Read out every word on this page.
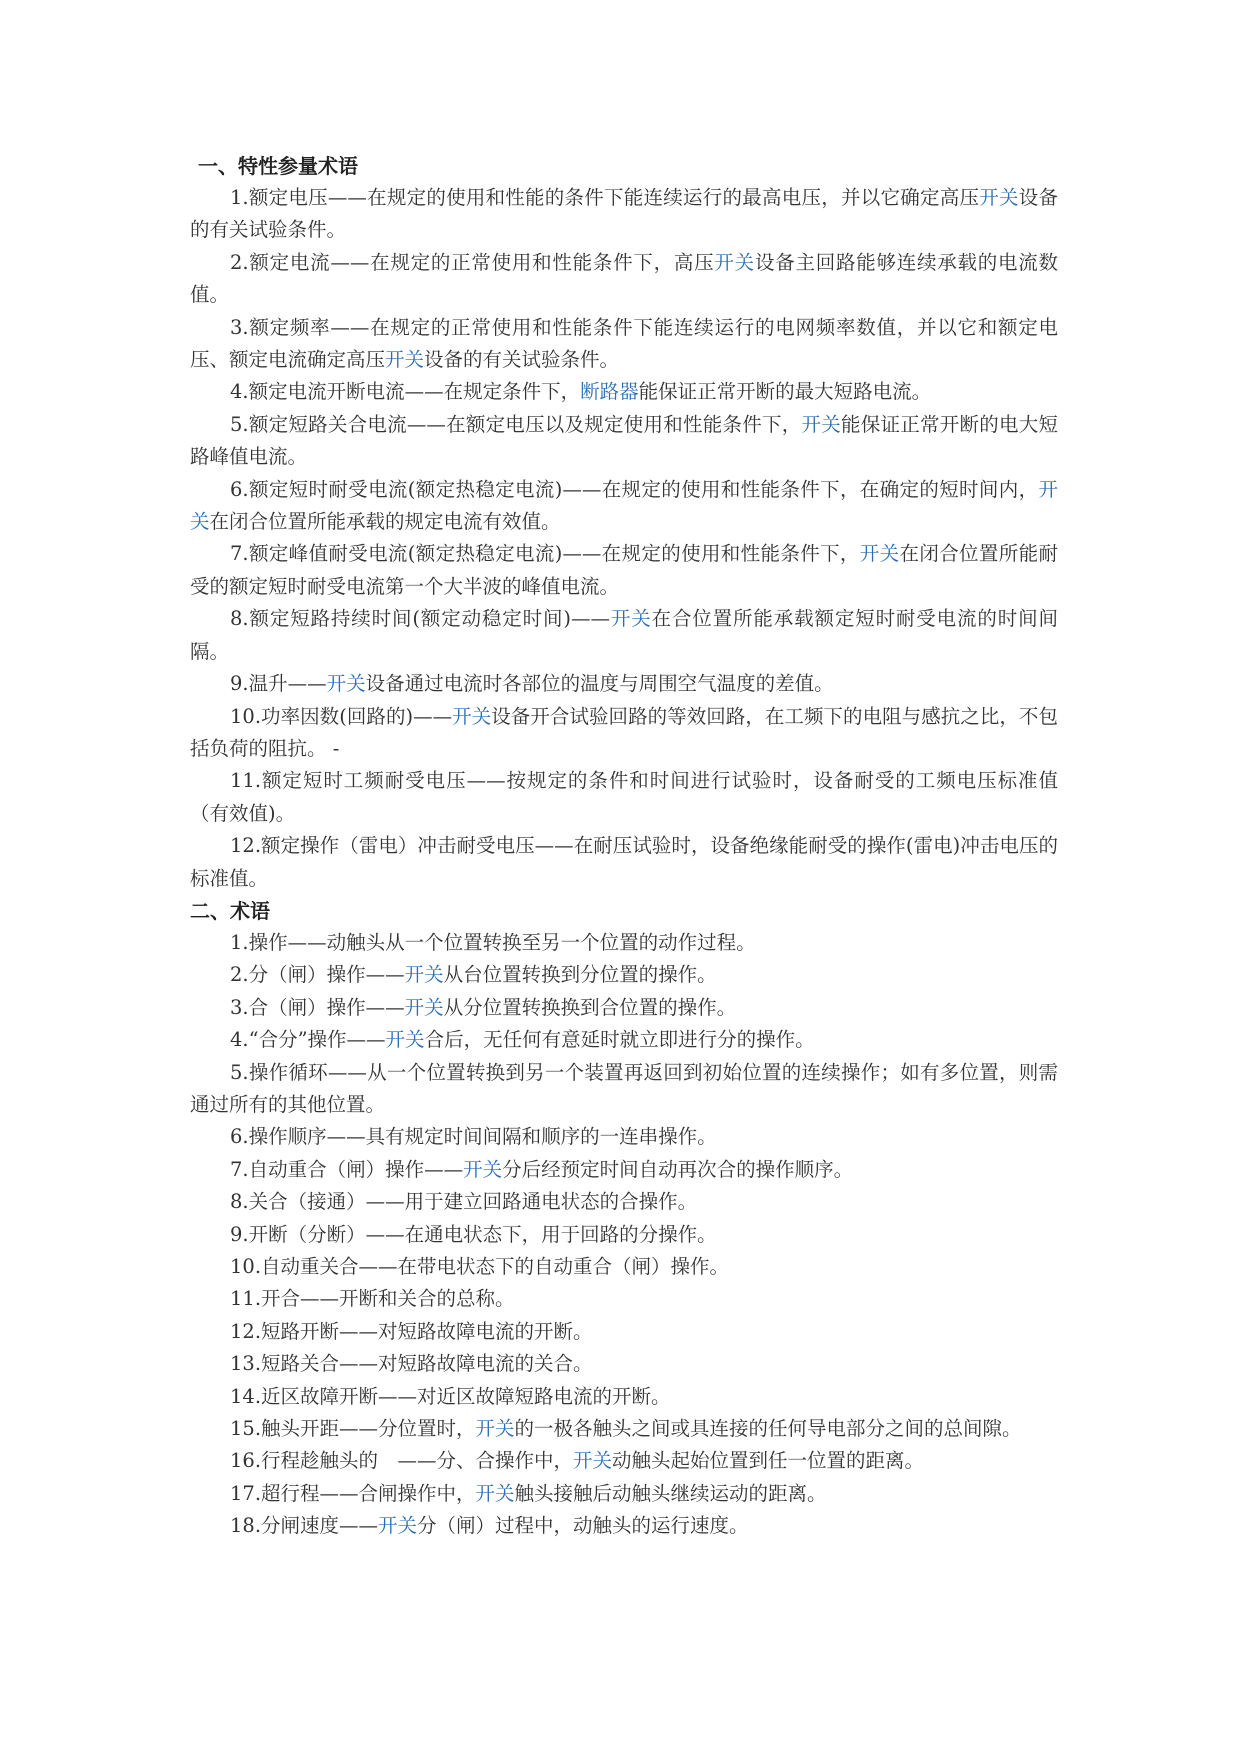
一、特性参量术语

1.额定电压——在规定的使用和性能的条件下能连续运行的最高电压，并以它确定高压开关设备的有关试验条件。

2.额定电流——在规定的正常使用和性能条件下，高压开关设备主回路能够连续承载的电流数值。

3.额定频率——在规定的正常使用和性能条件下能连续运行的电网频率数值，并以它和额定电压、额定电流确定高压开关设备的有关试验条件。

4.额定电流开断电流——在规定条件下，断路器能保证正常开断的最大短路电流。

5.额定短路关合电流——在额定电压以及规定使用和性能条件下，开关能保证正常开断的电大短路峰值电流。

6.额定短时耐受电流(额定热稳定电流)——在规定的使用和性能条件下，在确定的短时间内，开关在闭合位置所能承载的规定电流有效值。

7.额定峰值耐受电流(额定热稳定电流)——在规定的使用和性能条件下，开关在闭合位置所能耐受的额定短时耐受电流第一个大半波的峰值电流。

8.额定短路持续时间(额定动稳定时间)——开关在合位置所能承载额定短时耐受电流的时间间隔。

9.温升——开关设备通过电流时各部位的温度与周围空气温度的差值。

10.功率因数(回路的)——开关设备开合试验回路的等效回路，在工频下的电阻与感抗之比，不包括负荷的阻抗。 -

11.额定短时工频耐受电压——按规定的条件和时间进行试验时，设备耐受的工频电压标准值（有效值)。

12.额定操作（雷电）冲击耐受电压——在耐压试验时，设备绝缘能耐受的操作(雷电)冲击电压的标准值。

二、术语

1.操作——动触头从一个位置转换至另一个位置的动作过程。

2.分（闸）操作——开关从台位置转换到分位置的操作。

3.合（闸）操作——开关从分位置转换换到合位置的操作。

4.“合分”操作——开关合后，无任何有意延时就立即进行分的操作。

5.操作循环——从一个位置转换到另一个装置再返回到初始位置的连续操作；如有多位置，则需通过所有的其他位置。

6.操作顺序——具有规定时间间隔和顺序的一连串操作。

7.自动重合（闸）操作——开关分后经预定时间自动再次合的操作顺序。

8.关合（接通）——用于建立回路通电状态的合操作。

9.开断（分断）——在通电状态下，用于回路的分操作。

10.自动重关合——在带电状态下的自动重合（闸）操作。

11.开合——开断和关合的总称。

12.短路开断——对短路故障电流的开断。

13.短路关合——对短路故障电流的关合。

14.近区故障开断——对近区故障短路电流的开断。

15.触头开距——分位置时，开关的一极各触头之间或具连接的任何导电部分之间的总间隙。

16.行程趁触头的　——分、合操作中，开关动触头起始位置到任一位置的距离。

17.超行程——合闸操作中，开关触头接触后动触头继续运动的距离。

18.分闸速度——开关分（闸）过程中，动触头的运行速度。
